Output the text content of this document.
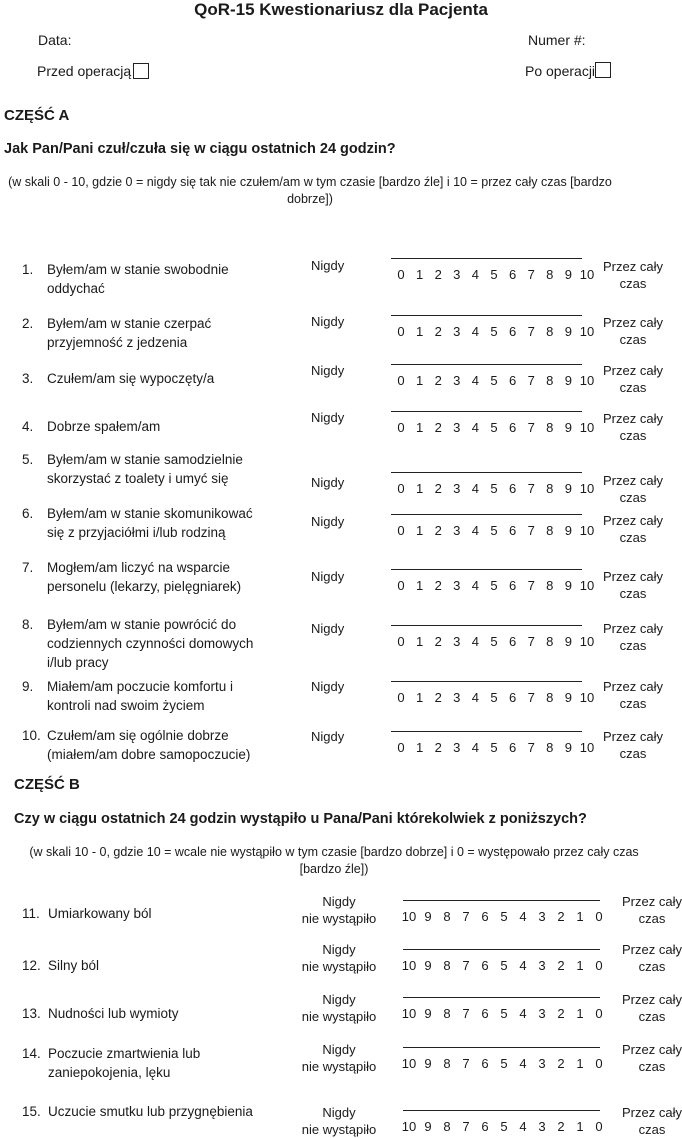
QoR-15 Kwestionariusz dla Pacjenta
Data:	Numer #:
Przed operacją	Po operacji
CZĘŚĆ A
Jak Pan/Pani czuł/czuła się w ciągu ostatnich 24 godzin?
(w skali 0 - 10, gdzie 0 = nigdy się tak nie czułem/am w tym czasie [bardzo źle] i 10 = przez cały czas [bardzo
dobrze])
1. Byłem/am w stanie swobodnie
oddychać
Nigdy
0 1 2 3 4 5 6 7 8 9 10
Przez cały
czas
2. Byłem/am w stanie czerpać
przyjemność z jedzenia
Nigdy
0 1 2 3 4 5 6 7 8 9 10
Przez cały
czas
3. Czułem/am się wypoczęty/a
Nigdy
0 1 2 3 4 5 6 7 8 9 10
Przez cały
czas
4. Dobrze spałem/am
Nigdy
0 1 2 3 4 5 6 7 8 9 10
Przez cały
czas
5. Byłem/am w stanie samodzielnie
skorzystać z toalety i umyć się	Nigdy	0 1 2 3 4 5 6 7 8 9 10
Przez cały
czas
6. Byłem/am w stanie skomunikować
się z przyjaciółmi i/lub rodziną
Nigdy
0 1 2 3 4 5 6 7 8 9 10
Przez cały
czas
7. Mogłem/am liczyć na wsparcie
personelu (lekarzy, pielęgniarek)
Nigdy
0 1 2 3 4 5 6 7 8 9 10
Przez cały
czas
8. Byłem/am w stanie powrócić do
codziennych czynności domowych
i/lub pracy
Nigdy
0 1 2 3 4 5 6 7 8 9 10
Przez cały
czas
9. Miałem/am poczucie komfortu i
kontroli nad swoim życiem
Nigdy
0 1 2 3 4 5 6 7 8 9 10
Przez cały
czas
10. Czułem/am się ogólnie dobrze
(miałem/am dobre samopoczucie)
Nigdy
0 1 2 3 4 5 6 7 8 9 10
Przez cały
czas
CZĘŚĆ B
Czy w ciągu ostatnich 24 godzin wystąpiło u Pana/Pani którekolwiek z poniższych?
(w skali 10 - 0, gdzie 10 = wcale nie wystąpiło w tym czasie [bardzo dobrze] i 0 = występowało przez cały czas
[bardzo źle])
11. Umiarkowany ból
Nigdy
nie wystąpiło	10 9 8 7 6 5 4 3 2 1 0
Przez cały
czas
12. Silny ból
Nigdy
nie wystąpiło	10 9 8 7 6 5 4 3 2 1 0
Przez cały
czas
13. Nudności lub wymioty
Nigdy
nie wystąpiło	10 9 8 7 6 5 4 3 2 1 0
Przez cały
czas
14. Poczucie zmartwienia lub
zaniepokojenia, lęku
Nigdy
nie wystąpiło	10 9 8 7 6 5 4 3 2 1 0
Przez cały
czas
15. Uczucie smutku lub przygnębienia	Nigdy
nie wystąpiło	10 9 8 7 6 5 4 3 2 1 0
Przez cały
czas
